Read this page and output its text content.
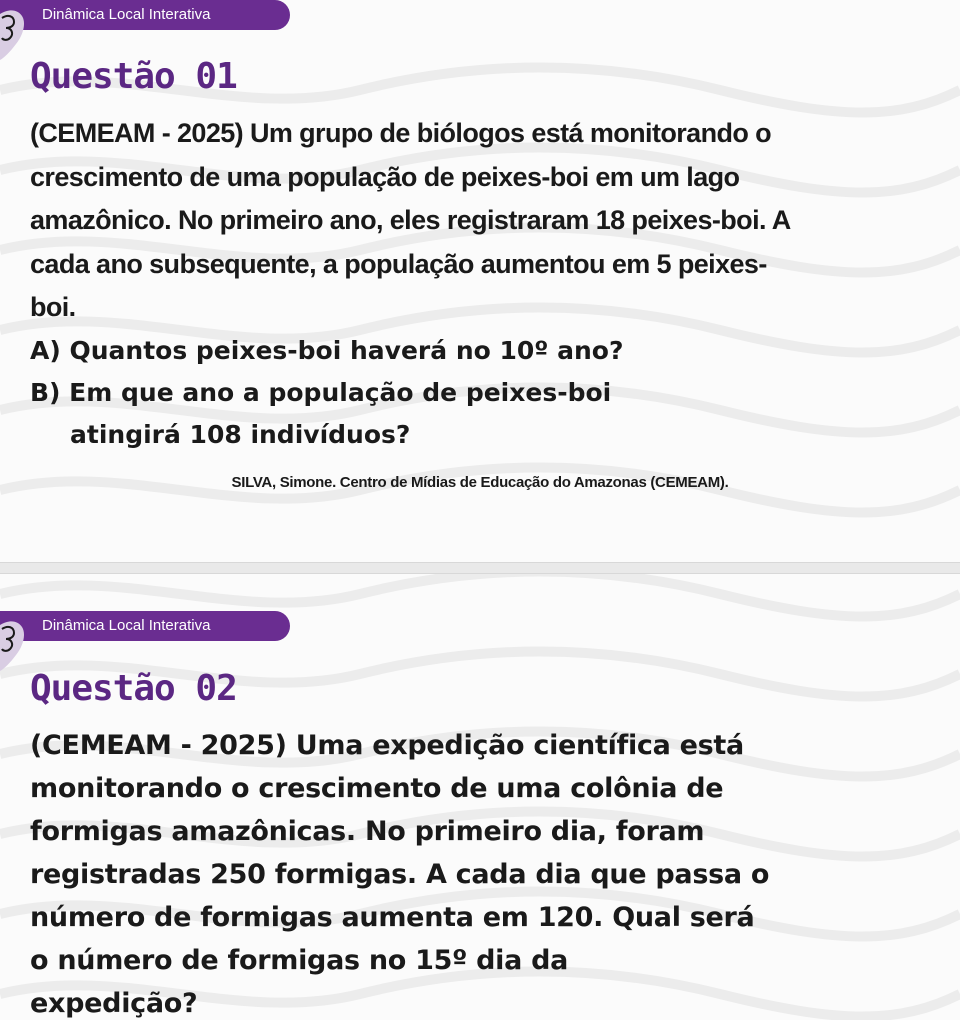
Dinâmica Local Interativa
Questão 01
(CEMEAM - 2025) Um grupo de biólogos está monitorando o
crescimento de uma população de peixes-boi em um lago
amazônico. No primeiro ano, eles registraram 18 peixes-boi. A
cada ano subsequente, a população aumentou em 5 peixes-
boi.
A) Quantos peixes-boi haverá no 10º ano?
B) Em que ano a população de peixes-boi
atingirá 108 indivíduos?
SILVA, Simone. Centro de Mídias de Educação do Amazonas (CEMEAM).
Dinâmica Local Interativa
Questão 02
(CEMEAM - 2025) Uma expedição científica está
monitorando o crescimento de uma colônia de
formigas amazônicas. No primeiro dia, foram
registradas 250 formigas. A cada dia que passa o
número de formigas aumenta em 120. Qual será
o número de formigas no 15º dia da
expedição?
